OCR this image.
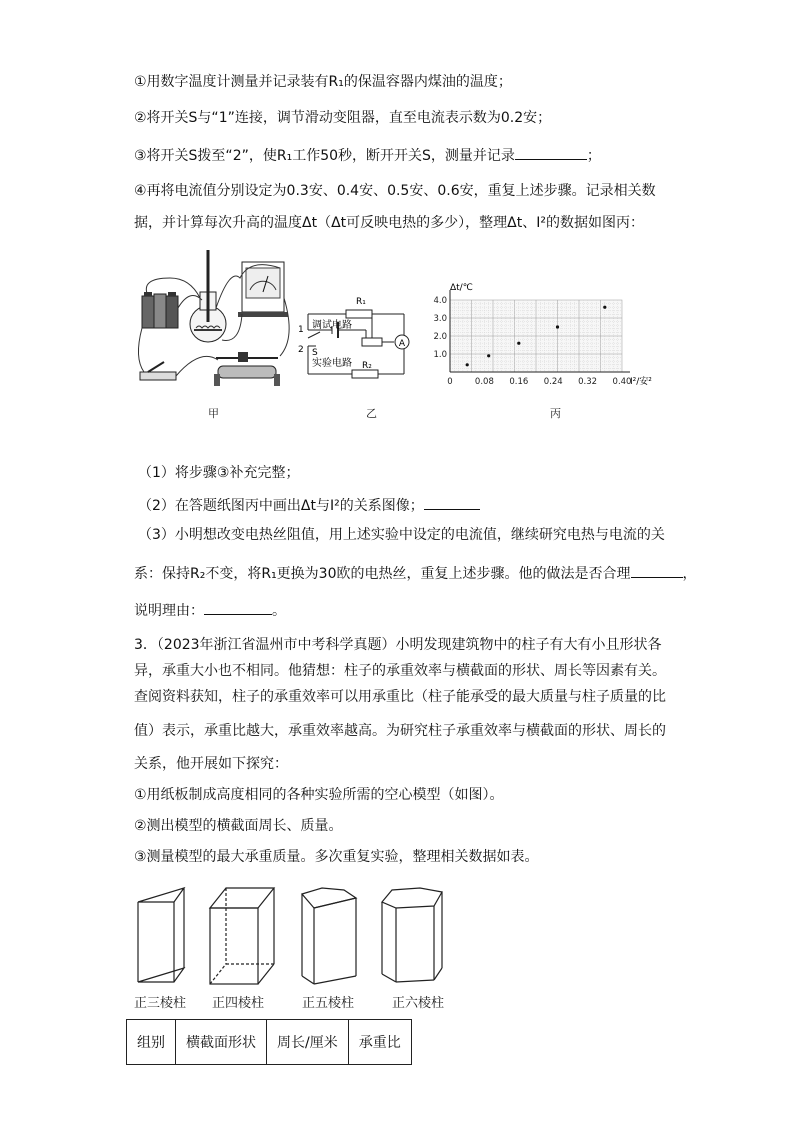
①用数字温度计测量并记录装有R₁的保温容器内煤油的温度；
②将开关S与“1”连接，调节滑动变阻器，直至电流表示数为0.2安；
③将开关S拨至“2”，使R₁工作50秒，断开开关S，测量并记录	；
④再将电流值分别设定为0.3安、0.4安、0.5安、0.6安，重复上述步骤。记录相关数
据，并计算每次升高的温度Δt（Δt可反映电热的多少），整理Δt、I²的数据如图丙：
A
R₁
R₂
调试电路
实验电路
1
2 S
Δt/℃
I²/安²
0	0.08 0.16 0.24 0.32 0.40
1.0
2.0
3.0
4.0
甲	乙	丙
（1）将步骤③补充完整；
（2）在答题纸图丙中画出Δt与I²的关系图像；
（3）小明想改变电热丝阻值，用上述实验中设定的电流值，继续研究电热与电流的关
系：保持R₂不变，将R₁更换为30欧的电热丝，重复上述步骤。他的做法是否合理	，
说明理由：	。
3．（2023年浙江省温州市中考科学真题）小明发现建筑物中的柱子有大有小且形状各
异，承重大小也不相同。他猜想：柱子的承重效率与横截面的形状、周长等因素有关。
查阅资料获知，柱子的承重效率可以用承重比（柱子能承受的最大质量与柱子质量的比
值）表示，承重比越大，承重效率越高。为研究柱子承重效率与横截面的形状、周长的
关系，他开展如下探究：
①用纸板制成高度相同的各种实验所需的空心模型（如图）。
②测出模型的横截面周长、质量。
③测量模型的最大承重质量。多次重复实验，整理相关数据如表。
正三棱柱 正四棱柱	正五棱柱	正六棱柱
组别	横截面形状	周长/厘米	承重比
